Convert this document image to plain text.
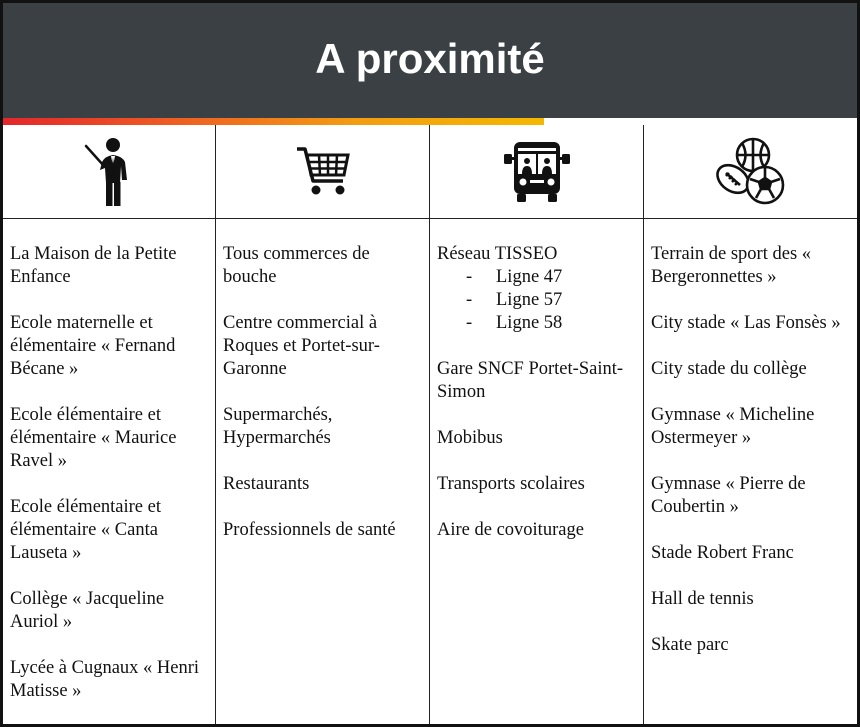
A proximité
La Maison de la Petite Enfance
Ecole maternelle et élémentaire « Fernand Bécane »
Ecole élémentaire et élémentaire « Maurice Ravel »
Ecole élémentaire et élémentaire « Canta Lauseta »
Collège « Jacqueline Auriol »
Lycée à Cugnaux « Henri Matisse »
Tous commerces de bouche
Centre commercial à Roques et Portet-sur-Garonne
Supermarchés, Hypermarchés
Restaurants
Professionnels de santé
Réseau TISSEO
- Ligne 47
- Ligne 57
- Ligne 58
Gare SNCF Portet-Saint-Simon
Mobibus
Transports scolaires
Aire de covoiturage
Terrain de sport des « Bergeronnettes »
City stade « Las Fonsès »
City stade du collège
Gymnase « Micheline Ostermeyer »
Gymnase « Pierre de Coubertin »
Stade Robert Franc
Hall de tennis
Skate parc
